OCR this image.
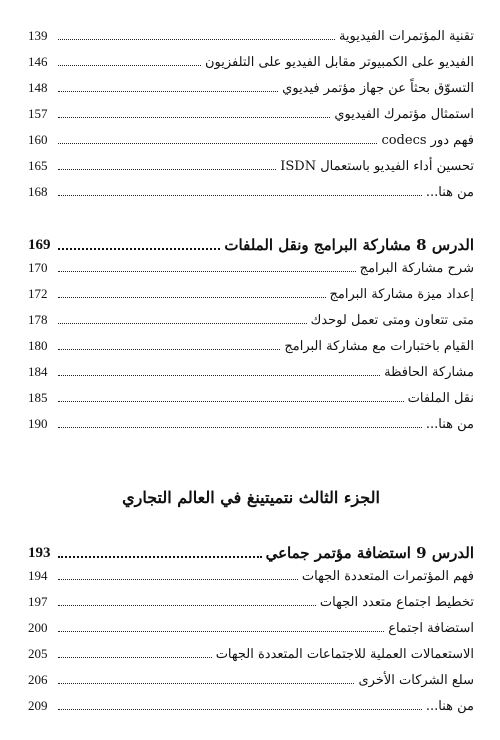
تقنية المؤتمرات الفيديوية
139
الفيديو على الكمبيوتر مقابل الفيديو على التلفزيون
146
التسوّق بحثاً عن جهاز مؤتمر فيديوي
148
استمثال مؤتمرك الفيديوي
157
فهم دور codecs
160
تحسين أداء الفيديو باستعمال ISDN
165
من هنا...
168
الدرس 8 مشاركة البرامج ونقل الملفات
169
شرح مشاركة البرامج
170
إعداد ميزة مشاركة البرامج
172
متى تتعاون ومتى تعمل لوحدك
178
القيام باختبارات مع مشاركة البرامج
180
مشاركة الحافظة
184
نقل الملفات
185
من هنا...
190
الجزء الثالث نتميتينغ في العالم التجاري
الدرس 9 استضافة مؤتمر جماعي
193
فهم المؤتمرات المتعددة الجهات
194
تخطيط اجتماع متعدد الجهات
197
استضافة اجتماع
200
الاستعمالات العملية للاجتماعات المتعددة الجهات
205
سلع الشركات الأخرى
206
من هنا...
209
